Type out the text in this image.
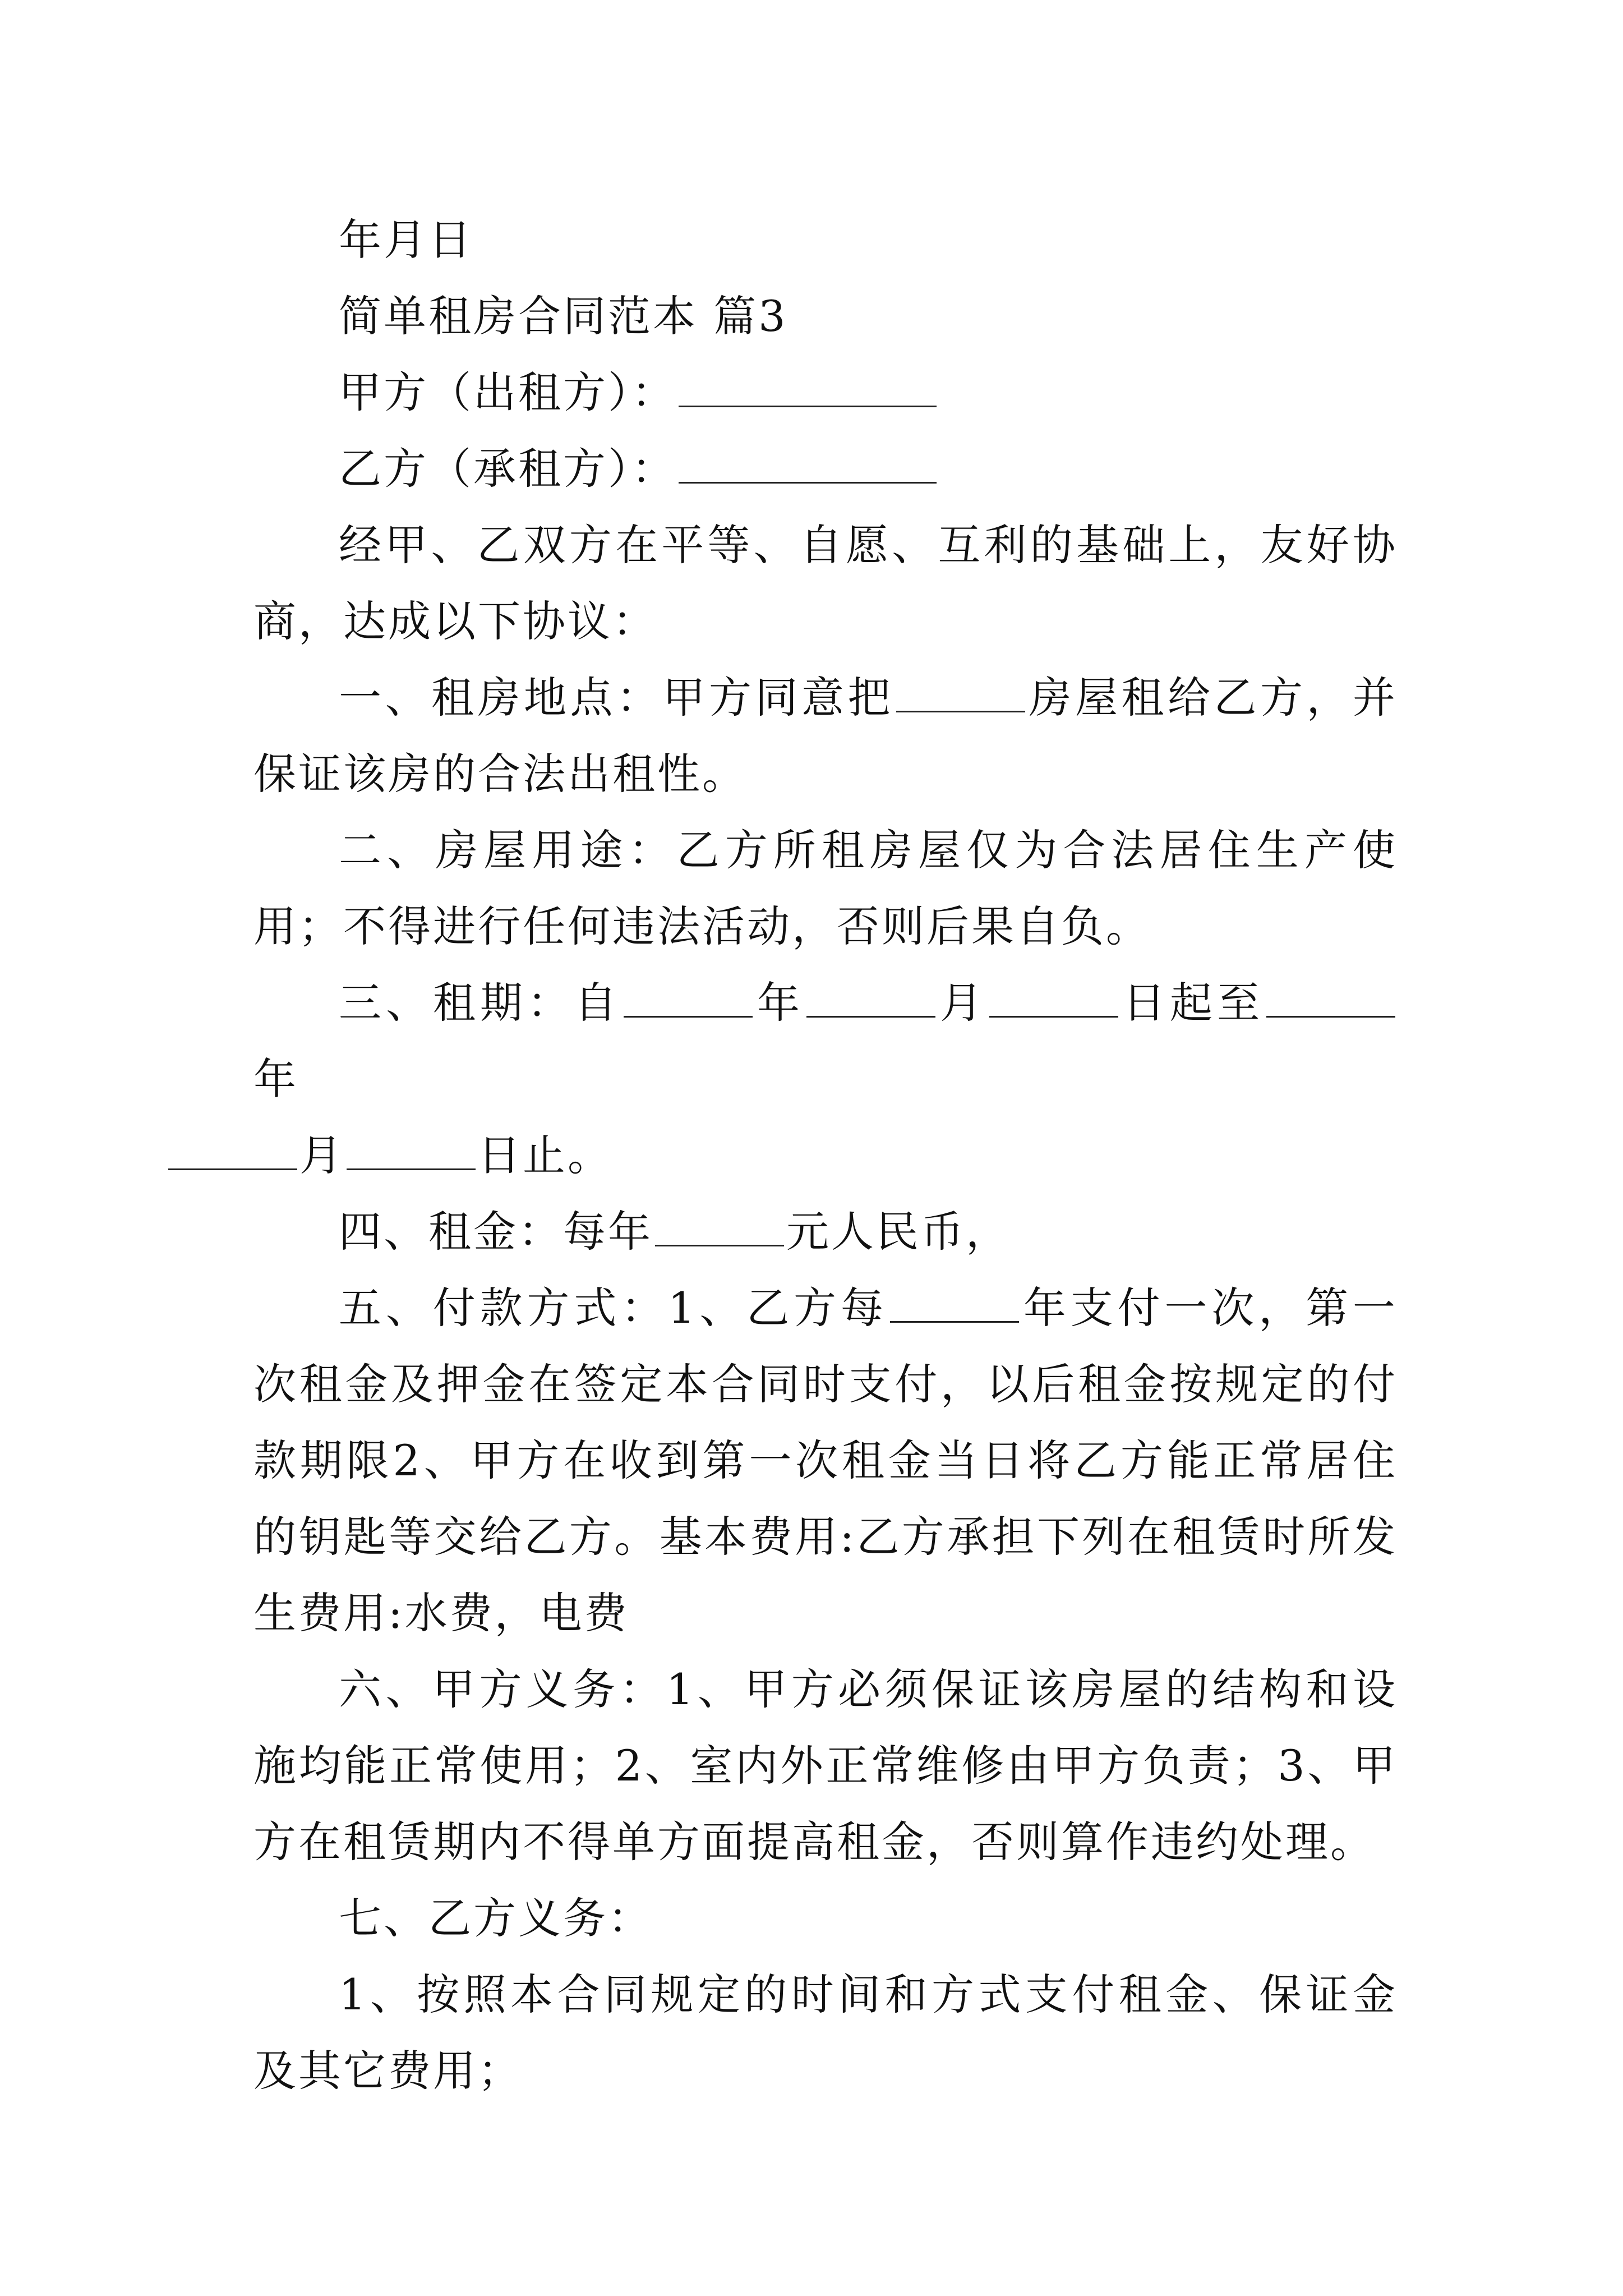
年月日
简单租房合同范本 篇3
甲方（出租方）：
乙方（承租方）：

经甲、乙双方在平等、自愿、互利的基础上，友好协商，达成以下协议：

一、租房地点：甲方同意把	房屋租给乙方，并保证该房的合法出租性。

二、房屋用途：乙方所租房屋仅为合法居住生产使用；不得进行任何违法活动，否则后果自负。

三、租期：自	年	月	日起至年
月	日止。

四、租金：每年	元人民币，

五、付款方式：1、乙方每	年支付一次，第一次租金及押金在签定本合同时支付，以后租金按规定的付款期限2、甲方在收到第一次租金当日将乙方能正常居住的钥匙等交给乙方。基本费用:乙方承担下列在租赁时所发生费用:水费，电费

六、甲方义务：1、甲方必须保证该房屋的结构和设施均能正常使用；2、室内外正常维修由甲方负责；3、甲方在租赁期内不得单方面提高租金，否则算作违约处理。

七、乙方义务：

1、按照本合同规定的时间和方式支付租金、保证金及其它费用；
